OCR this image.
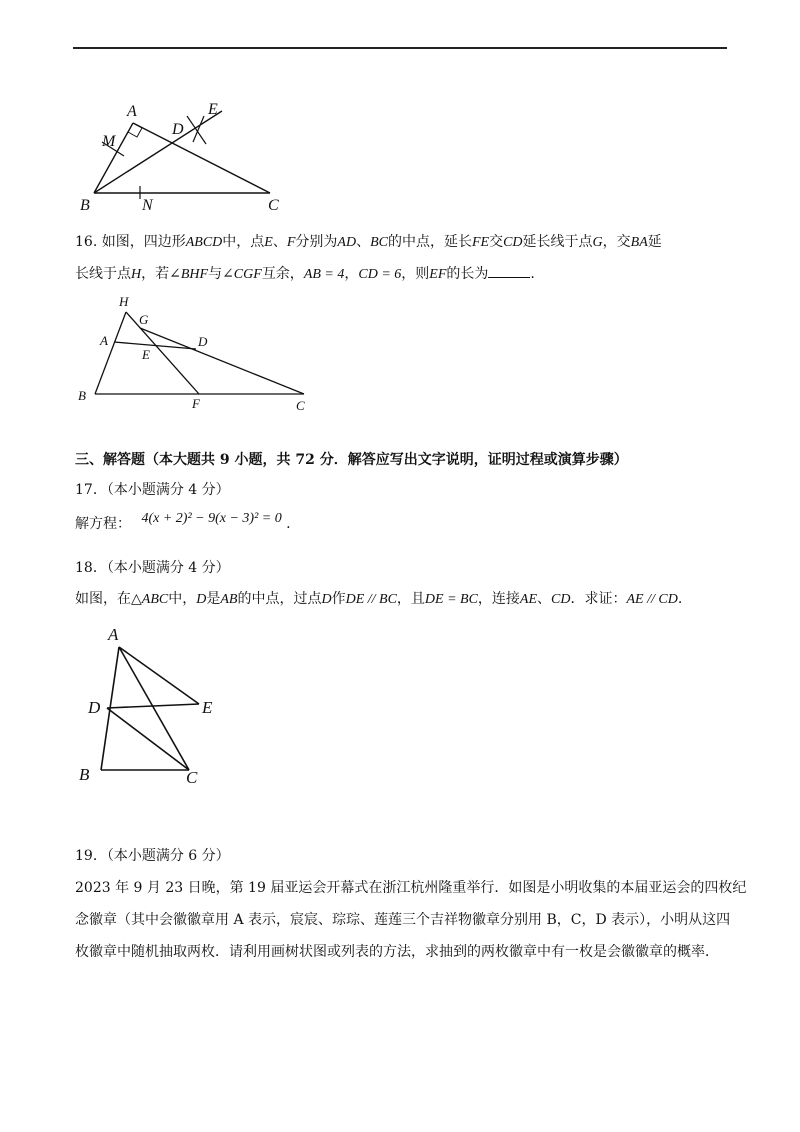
A	E
M
D
B	N	C
16. 如图，四边形ABCD中，点E、F分别为AD、BC的中点，延长FE交CD延长线于点G，交BA延
长线于点H，若∠BHF与∠CGF互余，AB = 4，CD = 6，则EF的长为	.
H
G
A
E
D
B
F	C
三、解答题（本大题共 9 小题，共 72 分．解答应写出文字说明，证明过程或演算步骤）
17．（本小题满分 4 分）
解方程： 4(x + 2)² − 9(x − 3)² = 0 .
18．（本小题满分 4 分）
如图，在△ABC中，D是AB的中点，过点D作DE // BC，且DE = BC，连接AE、CD．求证：AE // CD.
A
D	E
B	C
19．（本小题满分 6 分）
2023 年 9 月 23 日晚，第 19 届亚运会开幕式在浙江杭州隆重举行．如图是小明收集的本届亚运会的四枚纪
念徽章（其中会徽徽章用 A 表示，宸宸、琮琮、莲莲三个吉祥物徽章分别用 B，C，D 表示），小明从这四
枚徽章中随机抽取两枚．请利用画树状图或列表的方法，求抽到的两枚徽章中有一枚是会徽徽章的概率．
